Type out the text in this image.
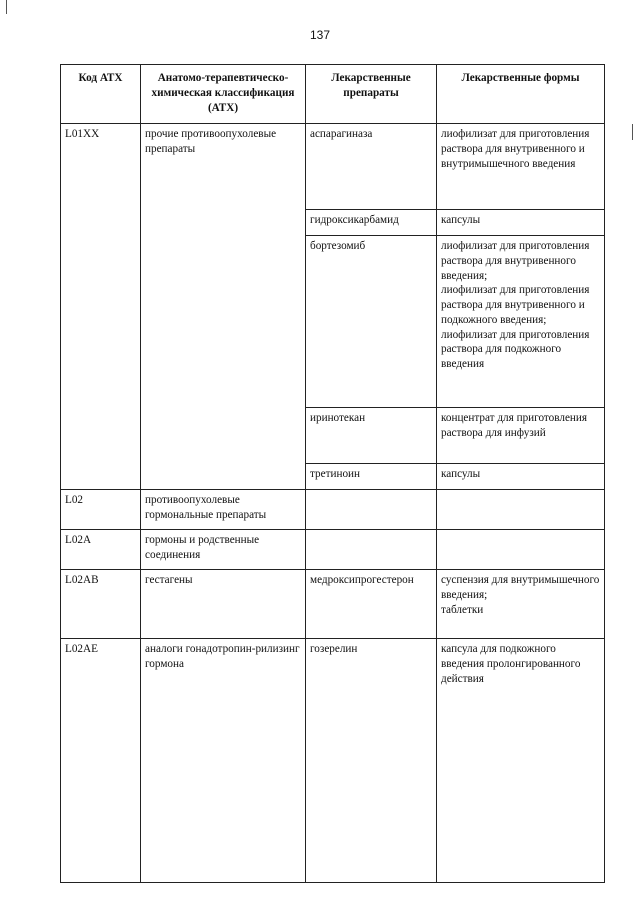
137
Код АТХ	Анатомо-терапевтическо-химическая классификация (АТХ)	Лекарственные препараты	Лекарственные формы
L01XX	прочие противоопухолевые препараты	аспарагиназа	лиофилизат для приготовления раствора для внутривенного и внутримышечного введения
		гидроксикарбамид	капсулы
		бортезомиб	лиофилизат для приготовления раствора для внутривенного введения;
лиофилизат для приготовления раствора для внутривенного и подкожного введения;
лиофилизат для приготовления раствора для подкожного введения
		иринотекан	концентрат для приготовления раствора для инфузий
		третиноин	капсулы
L02	противоопухолевые гормональные препараты		
L02A	гормоны и родственные соединения		
L02AB	гестагены	медроксипрогестерон	суспензия для внутримышечного введения;
таблетки
L02AE	аналоги гонадотропин-рилизинг гормона	гозерелин	капсула для подкожного введения пролонгированного действия
